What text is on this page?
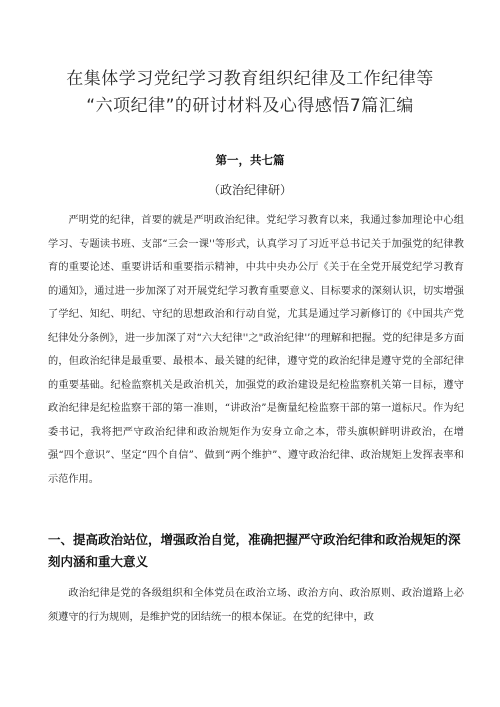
在集体学习党纪学习教育组织纪律及工作纪律等
“六项纪律”的研讨材料及心得感悟7篇汇编
第一，共七篇
（政治纪律研）
严明党的纪律，首要的就是严明政治纪律。党纪学习教育以来，我通过参加理论中心组学习、专题读书班、支部“三会一课''等形式，认真学习了习近平总书记关于加强党的纪律教育的重要论述、重要讲话和重要指示精神，中共中央办公厅《关于在全党开展党纪学习教育的通知》，通过进一步加深了对开展党纪学习教育重要意义、目标要求的深刻认识，切实增强了学纪、知纪、明纪、守纪的思想政治和行动自觉，尤其是通过学习新修订的《中国共产党纪律处分条例》，进一步加深了对“六大纪律''之"政治纪律'’的理解和把握。党的纪律是多方面的，但政治纪律是最重要、最根本、最关键的纪律，遵守党的政治纪律是遵守党的全部纪律的重要基础。纪检监察机关是政治机关，加强党的政治建设是纪检监察机关第一目标，遵守政治纪律是纪检监察干部的第一准则，“讲政治”是衡量纪检监察干部的第一道标尺。作为纪委书记，我将把严守政治纪律和政治规矩作为安身立命之本，带头旗帜鲜明讲政治，在增强“四个意识”、坚定“四个自信”、做到“两个维护”、遵守政治纪律、政治规矩上发挥表率和示范作用。
一、提高政治站位，增强政治自觉，准确把握严守政治纪律和政治规矩的深刻内涵和重大意义
政治纪律是党的各级组织和全体党员在政治立场、政治方向、政治原则、政治道路上必须遵守的行为规则，是维护党的团结统一的根本保证。在党的纪律中，政
